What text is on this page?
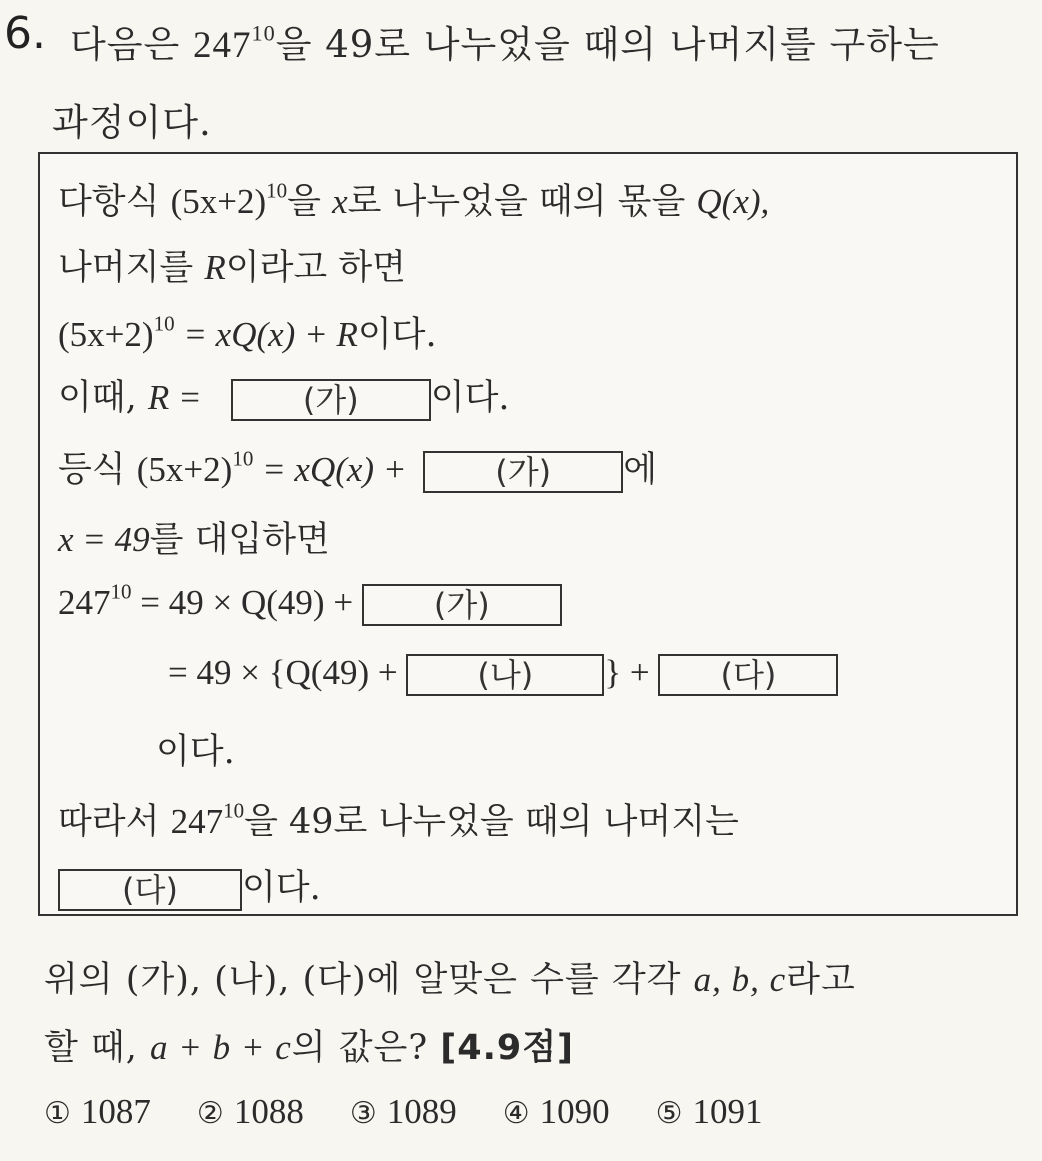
6. 다음은 $247^{10}$을 49로 나누었을 때의 나머지를 구하는
과정이다.
다항식 $(5x+2)^{10}$을 x로 나누었을 때의 몫을 Q(x),
나머지를 R이라고 하면
$(5x+2)^{10} = xQ(x) + R$이다.
이때, R =	(가) 이다.
등식 $(5x+2)^{10} = xQ(x)$ +	(가) 에
x = 49를 대입하면
$247^{10} = 49 \times Q(49)$ + (가)
= 49 × {Q(49) + (나) } + (다)
이다.
따라서 $247^{10}$을 49로 나누었을 때의 나머지는
(다) 이다.
위의 (가), (나), (다)에 알맞은 수를 각각 a, b, c라고
할 때, a + b + c의 값은? [4.9점]
① 1087 ② 1088 ③ 1089 ④ 1090 ⑤ 1091
